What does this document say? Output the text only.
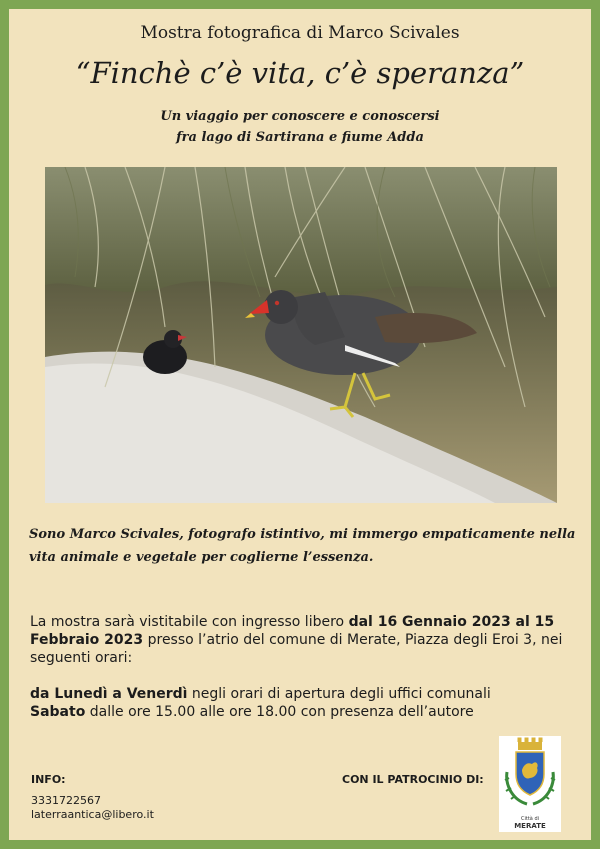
Mostra fotografica di Marco Scivales
“Finchè c’è vita, c’è speranza”
Un viaggio per conoscere e conoscersi
fra lago di Sartirana e fiume Adda
Sono Marco Scivales, fotografo istintivo, mi immergo empaticamente nella
vita animale e vegetale per coglierne l’essenza.

La mostra sarà vistitabile con ingresso libero dal 16 Gennaio 2023 al 15 Febbraio 2023 presso l’atrio del comune di Merate, Piazza degli Eroi 3, nei seguenti orari:

da Lunedì a Venerdì negli orari di apertura degli uffici comunali

Sabato dalle ore 15.00 alle ore 18.00 con presenza dell’autore

INFO:
3331722567
laterraantica@libero.it
CON IL PATROCINIO DI:
Città di
MERATE
